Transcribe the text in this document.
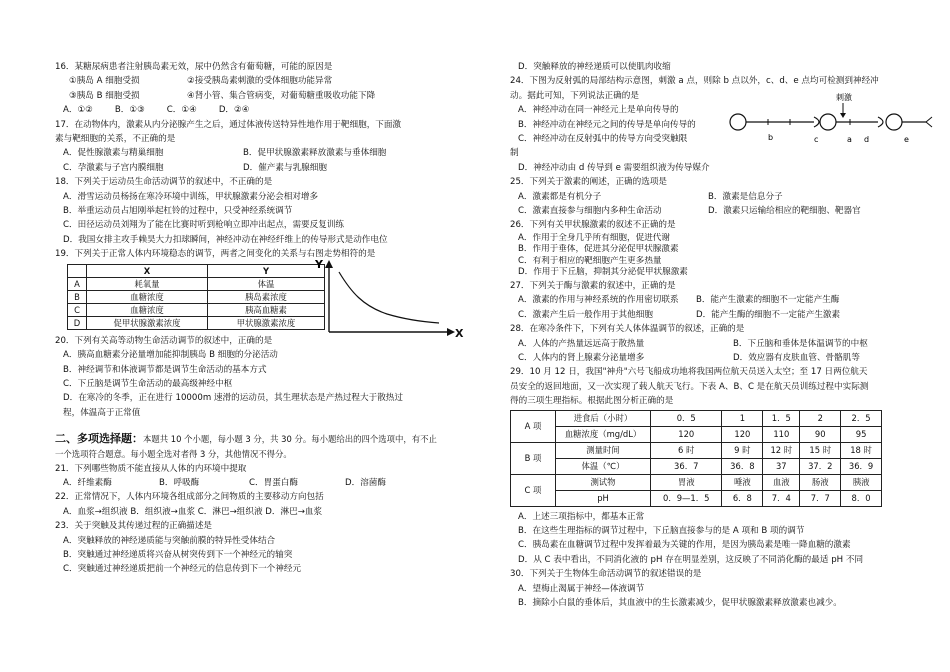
16．某糖尿病患者注射胰岛素无效，尿中仍然含有葡萄糖，可能的原因是
①胰岛 A 细胞受损	②接受胰岛素刺激的受体细胞功能异常
③胰岛 B 细胞受损	④肾小管、集合管病变，对葡萄糖重吸收功能下降
A．①②	B．①③	C．①④	D．②④
17．在动物体内，激素从内分泌腺产生之后，通过体液传送特异性地作用于靶细胞，下面激
素与靶细胞的关系，不正确的是
A．促性腺激素与精巢细胞	B．促甲状腺激素释放激素与垂体细胞
C．孕激素与子宫内膜细胞	D．催产素与乳腺细胞
18．下列关于运动员生命活动调节的叙述中，不正确的是
A．滑雪运动员杨扬在寒冷环境中训练，甲状腺激素分泌会相对增多
B．举重运动员占旭刚举起杠铃的过程中，只受神经系统调节
C．田径运动员刘翔为了能在比赛时听到枪响立即冲出起点，需要反复训练
D．我国女排主攻手赖昊大力扣球瞬间，神经冲动在神经纤维上的传导形式是动作电位
19．下列关于正常人体内环境稳态的调节，两者之间变化的关系与右图走势相符的是
	X	Y
A	耗氧量	体温
B	血糖浓度	胰岛素浓度
C	血糖浓度	胰高血糖素
D	促甲状腺激素浓度	甲状腺激素浓度
Y
X
20．下列有关高等动物生命活动调节的叙述中，正确的是
A．胰高血糖素分泌量增加能抑制胰岛 B 细胞的分泌活动
B．神经调节和体液调节都是调节生命活动的基本方式
C．下丘脑是调节生命活动的最高级神经中枢
D．在寒冷的冬季，正在进行 10000m 速滑的运动员，其生理状态是产热过程大于散热过
程，体温高于正常值
二、多项选择题：本题共 10 个小题，每小题 3 分，共 30 分。每小题给出的四个选项中，有不止
一个选项符合题意。每小题全选对者得 3 分，其他情况不得分。
21．下列哪些物质不能直接从人体的内环境中提取
A．纤维素酶	B．呼吸酶	C．胃蛋白酶	D．溶菌酶
22．正常情况下，人体内环境各组成部分之间物质的主要移动方向包括
A．血浆→组织液 B．组织液→血浆 C．淋巴→组织液 D．淋巴→血浆
23．关于突触及其传递过程的正确描述是
A．突触释放的神经递质能与突触前膜的特异性受体结合
B．突触通过神经递质将兴奋从树突传到下一个神经元的轴突
C．突触通过神经递质把前一个神经元的信息传到下一个神经元
D．突触释放的神经递质可以使肌肉收缩
24．下图为反射弧的局部结构示意图，刺激 a 点，则除 b 点以外，c、d、e 点均可检测到神经冲
动。据此可知，下列说法正确的是
A．神经冲动在同一神经元上是单向传导的
B．神经冲动在神经元之间的传导是单向传导的
C．神经冲动在反射弧中的传导方向受突触限
制
D．神经冲动由 d 传导到 e 需要组织液为传导媒介
刺激
b	c	a d	e
25．下列关于激素的阐述，正确的选项是
A．激素都是有机分子	B．激素是信息分子
C．激素直接参与细胞内多种生命活动	D．激素只运输给相应的靶细胞、靶器官
26．下列有关甲状腺激素的叙述不正确的是
A．作用于全身几乎所有细胞，促进代谢
B．作用于垂体，促进其分泌促甲状腺激素
C．有利于相应的靶细胞产生更多热量
D．作用于下丘脑，抑制其分泌促甲状腺激素
27．下列关于酶与激素的叙述中，正确的是
A．激素的作用与神经系统的作用密切联系 B．能产生激素的细胞不一定能产生酶
C．激素产生后一般作用于其他细胞	D．能产生酶的细胞不一定能产生激素
28．在寒冷条件下，下列有关人体体温调节的叙述，正确的是
A．人体的产热量远远高于散热量	B．下丘脑和垂体是体温调节的中枢
C．人体内的肾上腺素分泌量增多	D．效应器有皮肤血管、骨骼肌等
29．10 月 12 日，我国"神舟"六号飞船成功地将我国两位航天员送入太空；至 17 日两位航天
员安全的返回地面，又一次实现了载人航天飞行。下表 A、B、C 是在航天员训练过程中实际测
得的三项生理指标。根据此图分析正确的是
A 项	进食后（小时）	0．5	1	1．5	2	2．5
	血糖浓度（mg/dL）	120	120	110	90	95
B 项	测量时间	6 时	9 时	12 时	15 时	18 时
	体温（℃）	36．7	36．8	37	37．2	36．9
C 项	测试物	胃液	唾液	血液	肠液	胰液
	pH	0．9—1．5	6．8	7．4	7．7	8．0
A．上述三项指标中，都基本正常
B．在这些生理指标的调节过程中，下丘脑直接参与的是 A 项和 B 项的调节
C．胰岛素在血糖调节过程中发挥着最为关键的作用，是因为胰岛素是唯一降血糖的激素
D．从 C 表中看出，不同消化液的 pH 存在明显差别，这反映了不同消化酶的最适 pH 不同
30．下列关于生物体生命活动调节的叙述错误的是
A．望梅止渴属于神经—体液调节
B．摘除小白鼠的垂体后，其血液中的生长激素减少，促甲状腺激素释放激素也减少。
